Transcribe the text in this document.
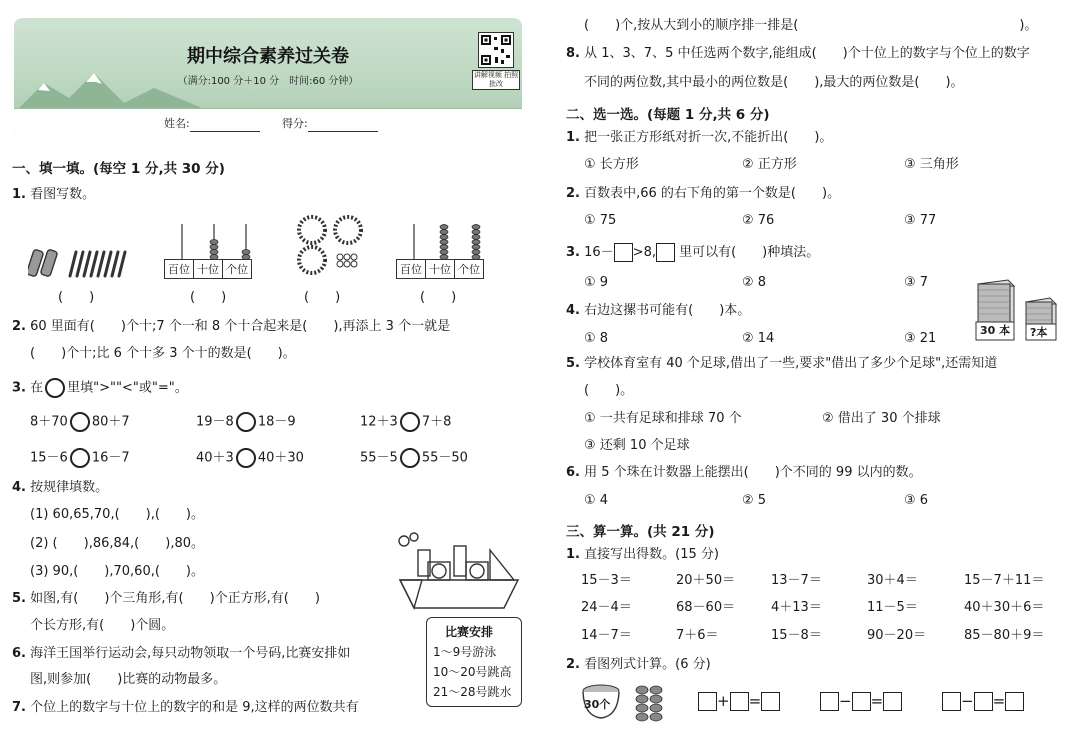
期中综合素养过关卷
（满分:100 分＋10 分　时间:60 分钟）
讲解视频 拍照批改
姓名:	得分:
一、填一填。(每空 1 分,共 30 分)
1. 看图写数。
百位 十位 个位	百位 十位 个位
(　　)	(　　)	(　　)	(　　)
2. 60 里面有(　　)个十;7 个一和 8 个十合起来是(　　),再添上 3 个一就是
(　　)个十;比 6 个十多 3 个十的数是(　　)。
3. 在 里填">""<"或"="。
8＋70 80＋7	19－8 18－9	12＋3 7＋8
15－6 16－7	40＋3 40＋30	55－5 55－50
4. 按规律填数。
(1) 60,65,70,(　　),(　　)。
(2) (　　),86,84,(　　),80。
(3) 90,(　　),70,60,(　　)。
5. 如图,有(　　)个三角形,有(　　)个正方形,有(　　)
个长方形,有(　　)个圆。
6. 海洋王国举行运动会,每只动物领取一个号码,比赛安排如
图,则参加(　　)比赛的动物最多。
比赛安排
1～9号游泳
10～20号跳高
21～28号跳水
7. 个位上的数字与十位上的数字的和是 9,这样的两位数共有
(　　)个,按从大到小的顺序排一排是(　　　　　　　　　　　　　　　　　)。
8. 从 1、3、7、5 中任选两个数字,能组成(　　)个十位上的数字与个位上的数字
不同的两位数,其中最小的两位数是(　　),最大的两位数是(　　)。
二、选一选。(每题 1 分,共 6 分)
1. 把一张正方形纸对折一次,不能折出(　　)。
① 长方形	② 正方形	③ 三角形
2. 百数表中,66 的右下角的第一个数是(　　)。
① 75	② 76	③ 77
3. 16－ >8, 里可以有(　　)种填法。
① 9	② 8	③ 7
30 本 ?本
4. 右边这摞书可能有(　　)本。
① 8	② 14	③ 21
5. 学校体育室有 40 个足球,借出了一些,要求"借出了多少个足球",还需知道
(　　)。
① 一共有足球和排球 70 个	② 借出了 30 个排球
③ 还剩 10 个足球
6. 用 5 个珠在计数器上能摆出(　　)个不同的 99 以内的数。
① 4	② 5	③ 6
三、算一算。(共 21 分)
1. 直接写出得数。(15 分)
15－3＝	20＋50＝	13－7＝	30＋4＝	15－7＋11＝
24－4＝	68－60＝	4＋13＝	11－5＝	40＋30＋6＝
14－7＝	7＋6＝	15－8＝	90－20＝	85－80＋9＝
2. 看图列式计算。(6 分)
30个	+ =	− =	− =
